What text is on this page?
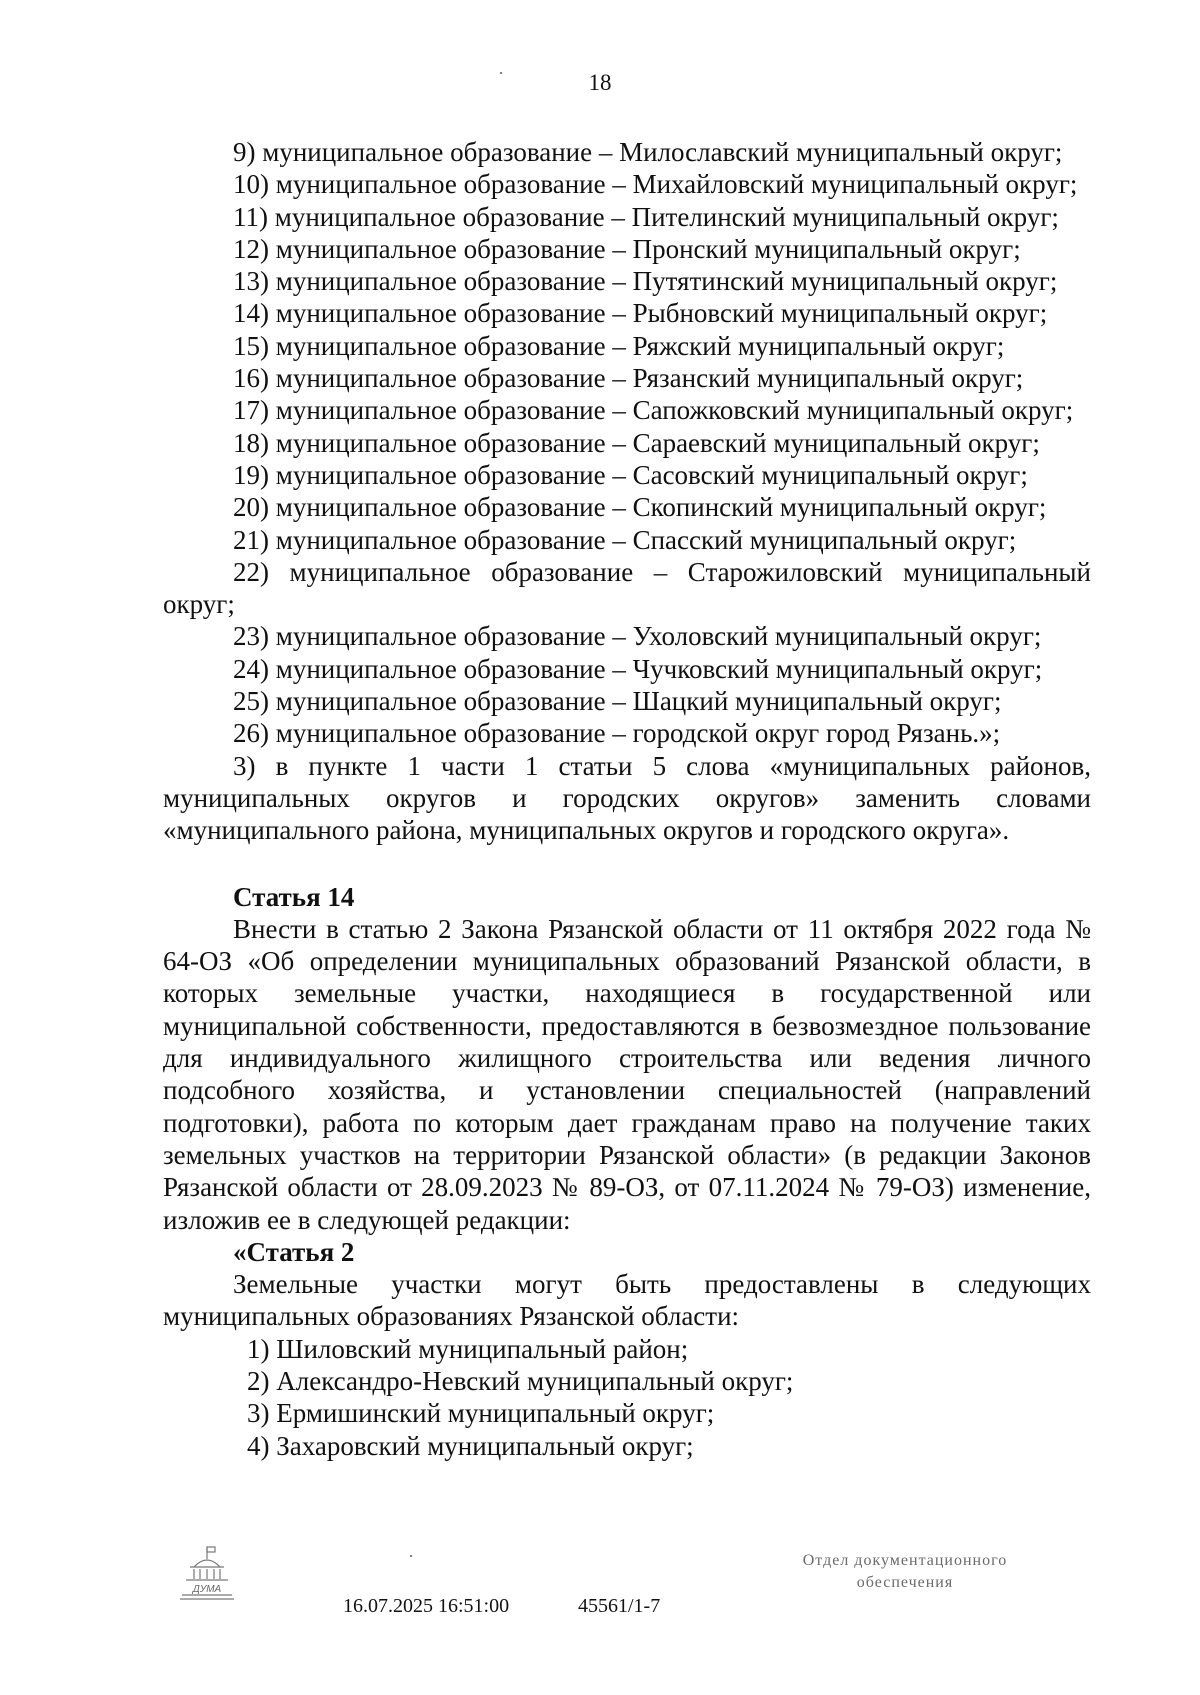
18

9) муниципальное образование – Милославский муниципальный округ;

10) муниципальное образование – Михайловский муниципальный округ;

11) муниципальное образование – Пителинский муниципальный округ;

12) муниципальное образование – Пронский муниципальный округ;

13) муниципальное образование – Путятинский муниципальный округ;

14) муниципальное образование – Рыбновский муниципальный округ;

15) муниципальное образование – Ряжский муниципальный округ;

16) муниципальное образование – Рязанский муниципальный округ;

17) муниципальное образование – Сапожковский муниципальный округ;

18) муниципальное образование – Сараевский муниципальный округ;

19) муниципальное образование – Сасовский муниципальный округ;

20) муниципальное образование – Скопинский муниципальный округ;

21) муниципальное образование – Спасский муниципальный округ;

22) муниципальное образование – Старожиловский муниципальный округ;

23) муниципальное образование – Ухоловский муниципальный округ;

24) муниципальное образование – Чучковский муниципальный округ;

25) муниципальное образование – Шацкий муниципальный округ;

26) муниципальное образование – городской округ город Рязань.»;

3) в пункте 1 части 1 статьи 5 слова «муниципальных районов, муниципальных округов и городских округов» заменить словами «муниципального района, муниципальных округов и городского округа».

Статья 14

Внести в статью 2 Закона Рязанской области от 11 октября 2022 года № 64-ОЗ «Об определении муниципальных образований Рязанской области, в которых земельные участки, находящиеся в государственной или муниципальной собственности, предоставляются в безвозмездное пользование для индивидуального жилищного строительства или ведения личного подсобного хозяйства, и установлении специальностей (направлений подготовки), работа по которым дает гражданам право на получение таких земельных участков на территории Рязанской области» (в редакции Законов Рязанской области от 28.09.2023 № 89-ОЗ, от 07.11.2024 № 79-ОЗ) изменение, изложив ее в следующей редакции:

«Статья 2

Земельные участки могут быть предоставлены в следующих муниципальных образованиях Рязанской области:

1) Шиловский муниципальный район;

2) Александро-Невский муниципальный округ;

3) Ермишинский муниципальный округ;

4) Захаровский муниципальный округ;

ДУМА
16.07.2025 16:51:00	45561/1-7
Отдел документационного
обеспечения
